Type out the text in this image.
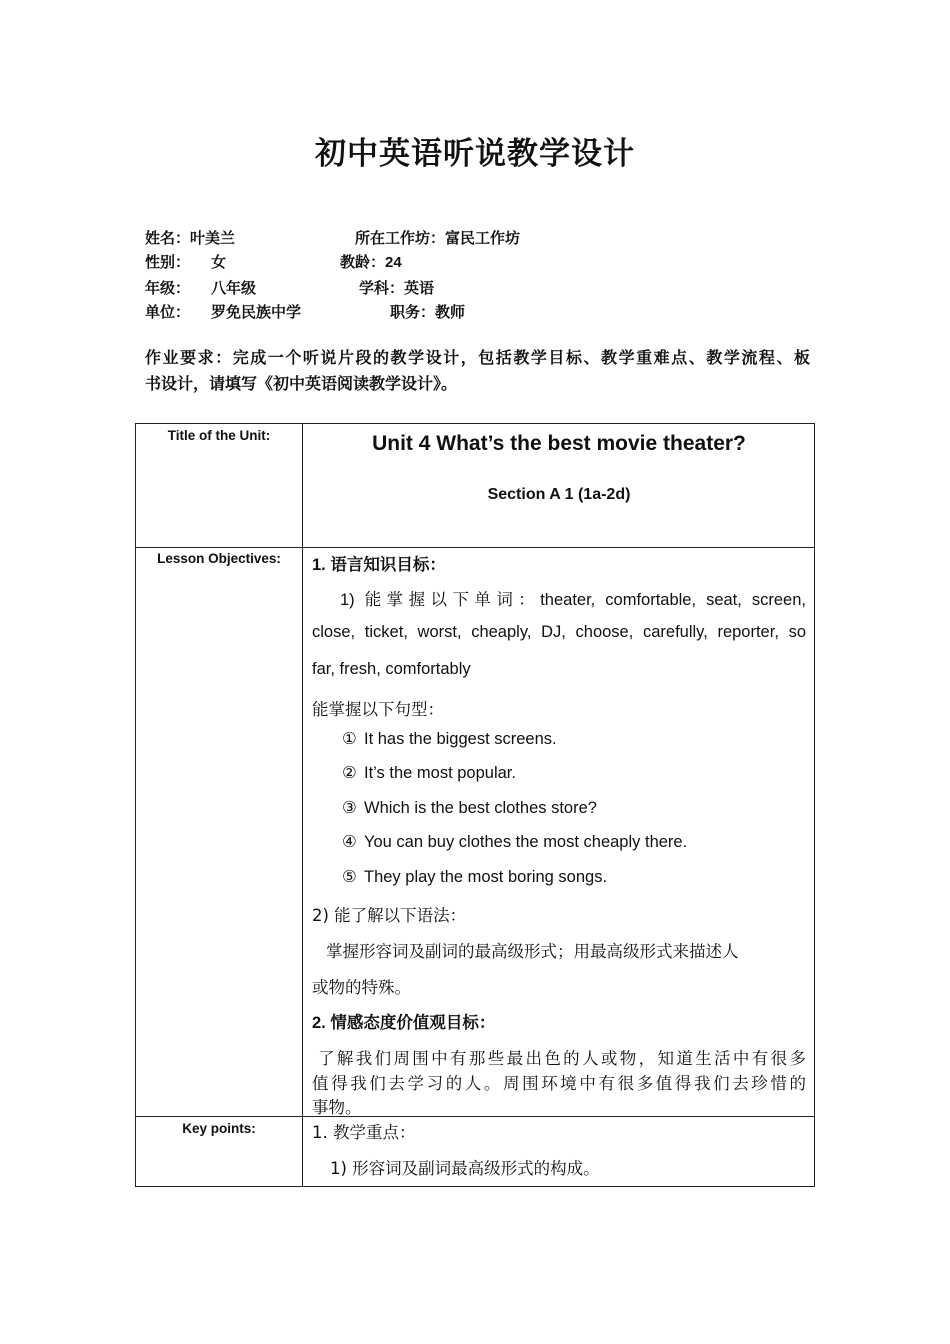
初中英语听说教学设计
姓名：叶美兰	所在工作坊：富民工作坊
性别： 女	教龄：24
年级： 八年级	学科：英语
单位： 罗免民族中学	职务：教师
作业要求：完成一个听说片段的教学设计，包括教学目标、教学重难点、教学流程、板
书设计，请填写《初中英语阅读教学设计》。
Title of the Unit:	Unit 4 What’s the best movie theater?
Section A 1 (1a-2d)
Lesson Objectives:	1. 语言知识目标：
1) 能掌握以下单词：theater, comfortable, seat, screen,
close, ticket, worst, cheaply, DJ, choose, carefully, reporter, so
far, fresh, comfortably
能掌握以下句型：
① It has the biggest screens.
② It’s the most popular.
③ Which is the best clothes store?
④ You can buy clothes the most cheaply there.
⑤ They play the most boring songs.
2) 能了解以下语法：
掌握形容词及副词的最高级形式；用最高级形式来描述人
或物的特殊。
2. 情感态度价值观目标：
了解我们周围中有那些最出色的人或物，知道生活中有很多
值得我们去学习的人。周围环境中有很多值得我们去珍惜的
事物。
Key points:	1. 教学重点：
1) 形容词及副词最高级形式的构成。
